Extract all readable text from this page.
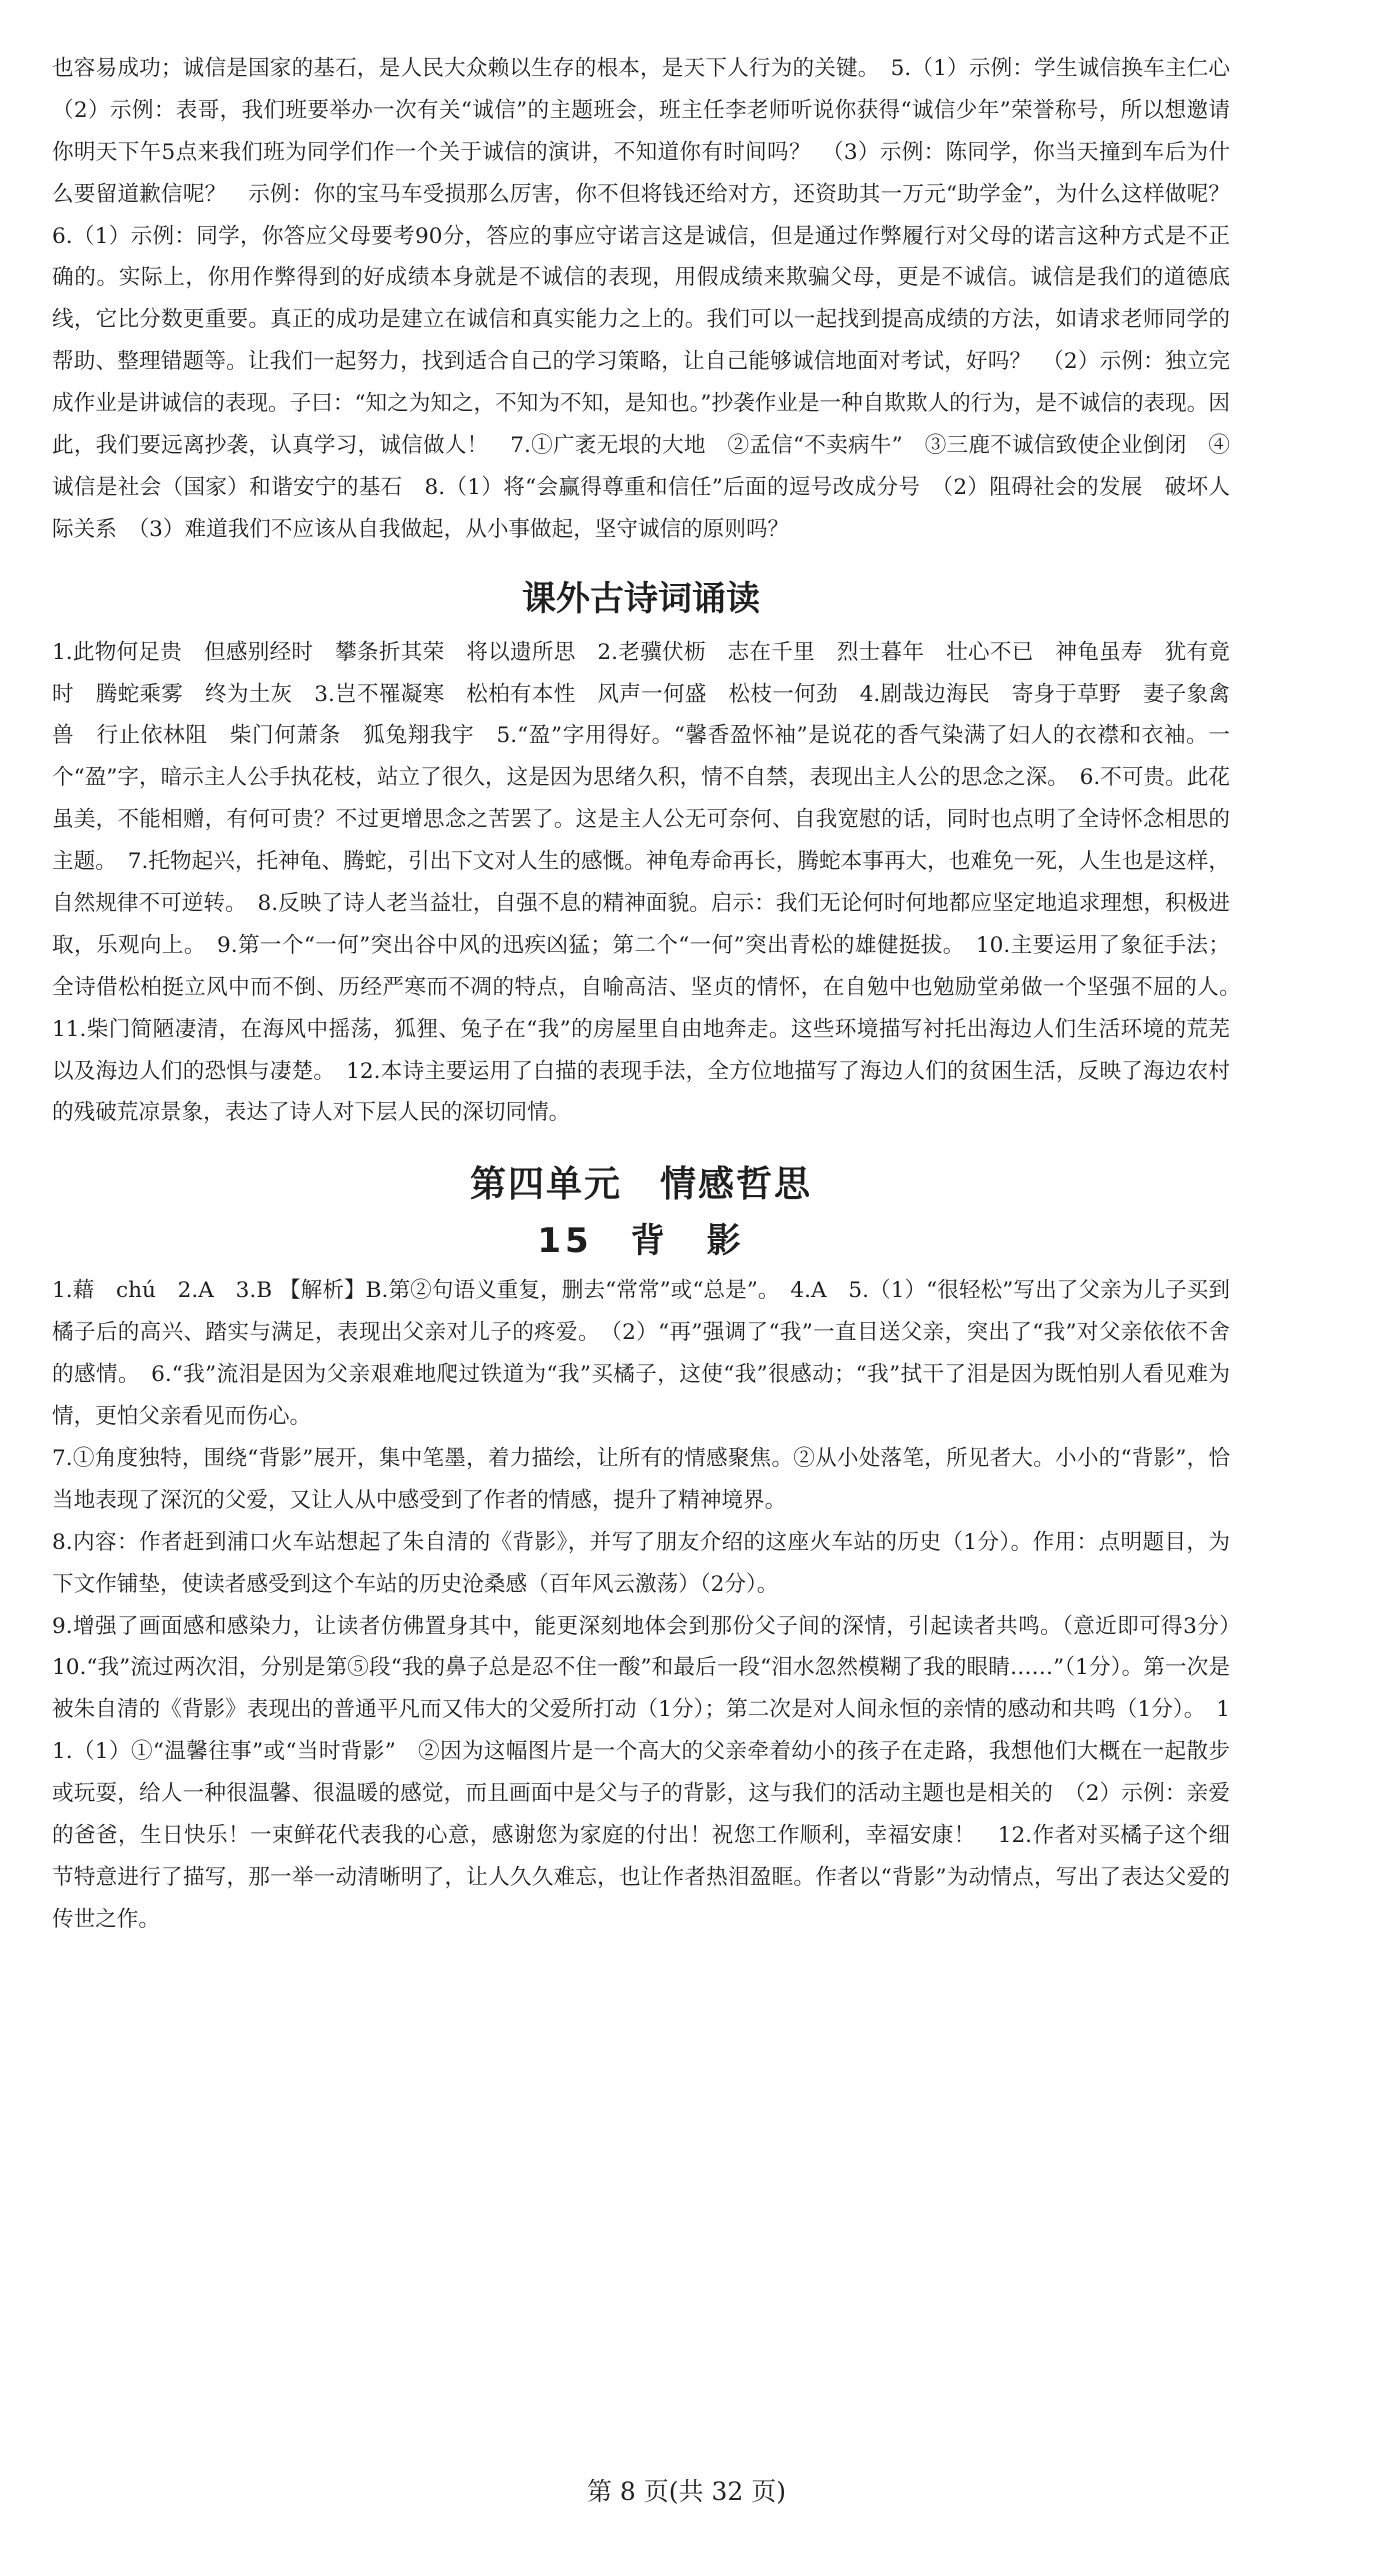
也容易成功；诚信是国家的基石，是人民大众赖以生存的根本，是天下人行为的关键。　5.（1）示例：学生诚信换车主仁心　（2）示例：表哥，我们班要举办一次有关“诚信”的主题班会，班主任李老师听说你获得“诚信少年”荣誉称号，所以想邀请你明天下午5点来我们班为同学们作一个关于诚信的演讲，不知道你有时间吗？　（3）示例：陈同学，你当天撞到车后为什么要留道歉信呢？　示例：你的宝马车受损那么厉害，你不但将钱还给对方，还资助其一万元“助学金”，为什么这样做呢？　6.（1）示例：同学，你答应父母要考90分，答应的事应守诺言这是诚信，但是通过作弊履行对父母的诺言这种方式是不正确的。实际上，你用作弊得到的好成绩本身就是不诚信的表现，用假成绩来欺骗父母，更是不诚信。诚信是我们的道德底线，它比分数更重要。真正的成功是建立在诚信和真实能力之上的。我们可以一起找到提高成绩的方法，如请求老师同学的帮助、整理错题等。让我们一起努力，找到适合自己的学习策略，让自己能够诚信地面对考试，好吗？　（2）示例：独立完成作业是讲诚信的表现。子曰：“知之为知之，不知为不知，是知也。”抄袭作业是一种自欺欺人的行为，是不诚信的表现。因此，我们要远离抄袭，认真学习，诚信做人！　7.①广袤无垠的大地　②孟信“不卖病牛”　③三鹿不诚信致使企业倒闭　④诚信是社会（国家）和谐安宁的基石　8.（1）将“会赢得尊重和信任”后面的逗号改成分号　（2）阻碍社会的发展　破坏人际关系　（3）难道我们不应该从自我做起，从小事做起，坚守诚信的原则吗？

课外古诗词诵读

1.此物何足贵　但感别经时　攀条折其荣　将以遗所思　2.老骥伏枥　志在千里　烈士暮年　壮心不已　神龟虽寿　犹有竟时　腾蛇乘雾　终为土灰　3.岂不罹凝寒　松柏有本性　风声一何盛　松枝一何劲　4.剧哉边海民　寄身于草野　妻子象禽兽　行止依林阻　柴门何萧条　狐兔翔我宇　5.“盈”字用得好。“馨香盈怀袖”是说花的香气染满了妇人的衣襟和衣袖。一个“盈”字，暗示主人公手执花枝，站立了很久，这是因为思绪久积，情不自禁，表现出主人公的思念之深。　6.不可贵。此花虽美，不能相赠，有何可贵？不过更增思念之苦罢了。这是主人公无可奈何、自我宽慰的话，同时也点明了全诗怀念相思的主题。　7.托物起兴，托神龟、腾蛇，引出下文对人生的感慨。神龟寿命再长，腾蛇本事再大，也难免一死，人生也是这样，自然规律不可逆转。　8.反映了诗人老当益壮，自强不息的精神面貌。启示：我们无论何时何地都应坚定地追求理想，积极进取，乐观向上。　9.第一个“一何”突出谷中风的迅疾凶猛；第二个“一何”突出青松的雄健挺拔。　10.主要运用了象征手法；全诗借松柏挺立风中而不倒、历经严寒而不凋的特点，自喻高洁、坚贞的情怀，在自勉中也勉励堂弟做一个坚强不屈的人。　11.柴门简陋凄清，在海风中摇荡，狐狸、兔子在“我”的房屋里自由地奔走。这些环境描写衬托出海边人们生活环境的荒芜以及海边人们的恐惧与凄楚。　12.本诗主要运用了白描的表现手法，全方位地描写了海边人们的贫困生活，反映了海边农村的残破荒凉景象，表达了诗人对下层人民的深切同情。

第四单元　情感哲思
15　背　影

1.藉　chú　2.A　3.B 【解析】B.第②句语义重复，删去“常常”或“总是”。　4.A　5.（1）“很轻松”写出了父亲为儿子买到橘子后的高兴、踏实与满足，表现出父亲对儿子的疼爱。　（2）“再”强调了“我”一直目送父亲，突出了“我”对父亲依依不舍的感情。　6.“我”流泪是因为父亲艰难地爬过铁道为“我”买橘子，这使“我”很感动；“我”拭干了泪是因为既怕别人看见难为情，更怕父亲看见而伤心。

7.①角度独特，围绕“背影”展开，集中笔墨，着力描绘，让所有的情感聚焦。②从小处落笔，所见者大。小小的“背影”，恰当地表现了深沉的父爱，又让人从中感受到了作者的情感，提升了精神境界。

8.内容：作者赶到浦口火车站想起了朱自清的《背影》，并写了朋友介绍的这座火车站的历史（1分）。作用：点明题目，为下文作铺垫，使读者感受到这个车站的历史沧桑感（百年风云激荡）（2分）。

9.增强了画面感和感染力，让读者仿佛置身其中，能更深刻地体会到那份父子间的深情，引起读者共鸣。（意近即可得3分）　10.“我”流过两次泪，分别是第⑤段“我的鼻子总是忍不住一酸”和最后一段“泪水忽然模糊了我的眼睛……”（1分）。第一次是被朱自清的《背影》表现出的普通平凡而又伟大的父爱所打动（1分）；第二次是对人间永恒的亲情的感动和共鸣（1分）。　11.（1）①“温馨往事”或“当时背影”　②因为这幅图片是一个高大的父亲牵着幼小的孩子在走路，我想他们大概在一起散步或玩耍，给人一种很温馨、很温暖的感觉，而且画面中是父与子的背影，这与我们的活动主题也是相关的　（2）示例：亲爱的爸爸，生日快乐！一束鲜花代表我的心意，感谢您为家庭的付出！祝您工作顺利，幸福安康！　12.作者对买橘子这个细节特意进行了描写，那一举一动清晰明了，让人久久难忘，也让作者热泪盈眶。作者以“背影”为动情点，写出了表达父爱的传世之作。

第 8 页(共 32 页)
